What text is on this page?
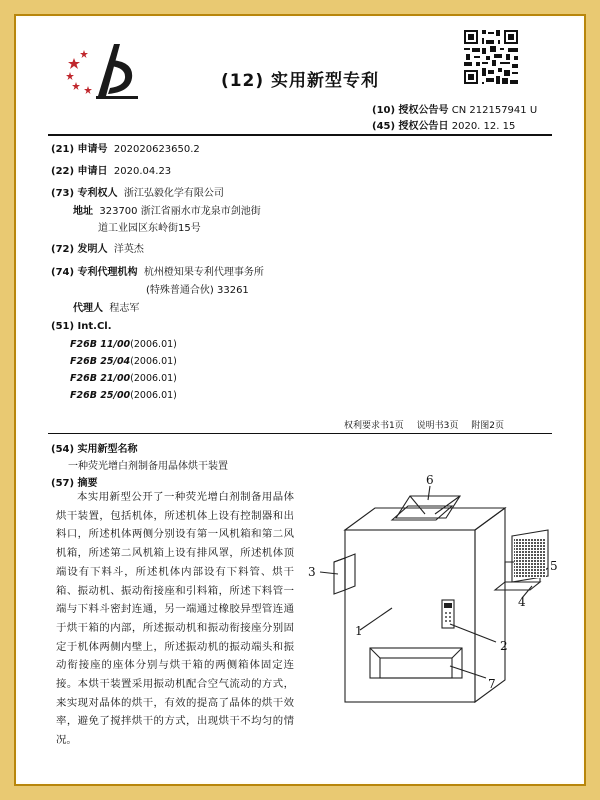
(12) 实用新型专利
(10) 授权公告号 CN 212157941 U
(45) 授权公告日 2020. 12. 15
(21) 申请号 202020623650.2
(22) 申请日 2020.04.23
(73) 专利权人 浙江弘毅化学有限公司
地址 323700 浙江省丽水市龙泉市剑池街
道工业园区东岭街15号
(72) 发明人 洋英杰
(74) 专利代理机构 杭州橙知果专利代理事务所
(特殊普通合伙) 33261
代理人 程志军
(51) Int.Cl.
F26B 11/00(2006.01)
F26B 25/04(2006.01)
F26B 21/00(2006.01)
F26B 25/00(2006.01)
权利要求书1页 说明书3页 附图2页
(54) 实用新型名称
一种荧光增白剂制备用晶体烘干装置
(57) 摘要
本实用新型公开了一种荧光增白剂制备用晶体烘干装置，包括机体，所述机体上设有控制器和出料口，所述机体两侧分别设有第一风机箱和第二风机箱，所述第二风机箱上设有排风罩，所述机体顶端设有下料斗，所述机体内部设有下料管、烘干箱、振动机、振动衔接座和引料箱，所述下料管一端与下料斗密封连通，另一端通过橡胶异型管连通于烘干箱的内部，所述振动机和振动衔接座分别固定于机体两侧内壁上，所述振动机的振动端头和振动衔接座的座体分别与烘干箱的两侧箱体固定连接。本烘干装置采用振动机配合空气流动的方式，来实现对晶体的烘干，有效的提高了晶体的烘干效率，避免了搅拌烘干的方式，出现烘干不均匀的情况。
1
2
3
4
5
6
7
